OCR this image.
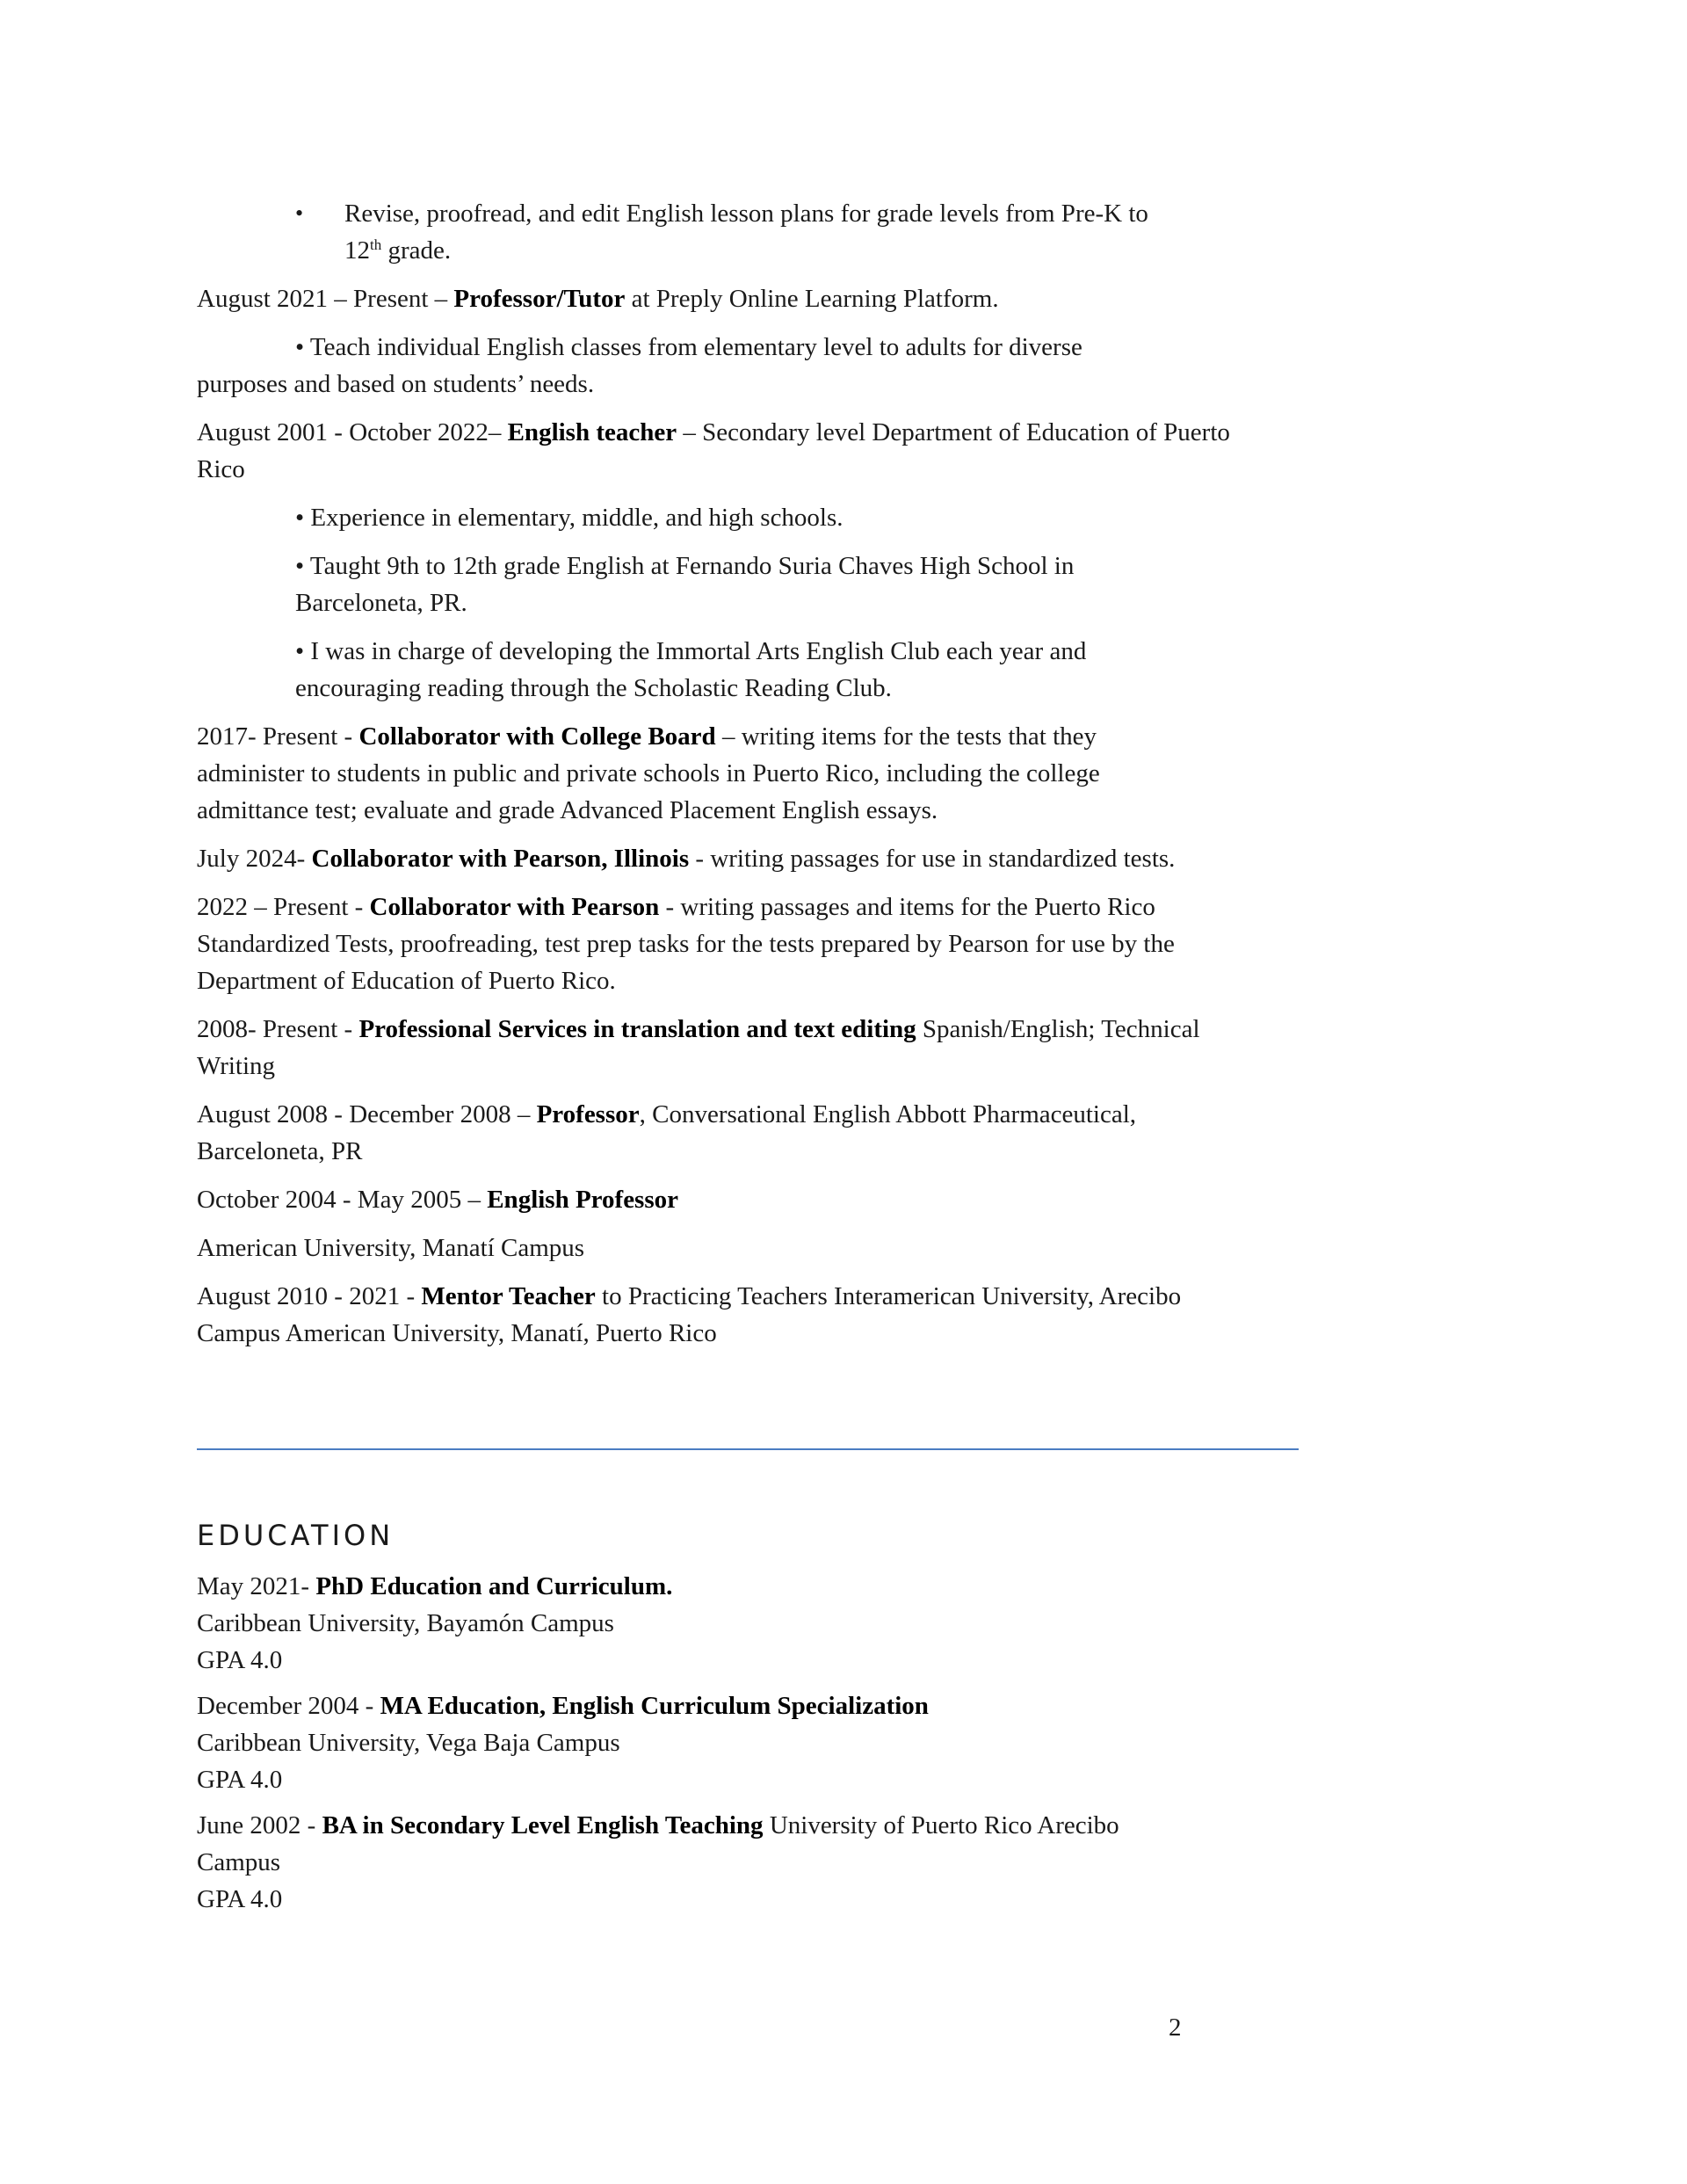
• Revise, proofread, and edit English lesson plans for grade levels from Pre-K to
12th grade.
August 2021 – Present – Professor/Tutor at Preply Online Learning Platform.
• Teach individual English classes from elementary level to adults for diverse
purposes and based on students’ needs.
August 2001 - October 2022– English teacher – Secondary level Department of Education of Puerto Rico
• Experience in elementary, middle, and high schools.
• Taught 9th to 12th grade English at Fernando Suria Chaves High School in Barceloneta, PR.
• I was in charge of developing the Immortal Arts English Club each year and encouraging reading through the Scholastic Reading Club.
2017- Present - Collaborator with College Board – writing items for the tests that they administer to students in public and private schools in Puerto Rico, including the college admittance test; evaluate and grade Advanced Placement English essays.
July 2024- Collaborator with Pearson, Illinois - writing passages for use in standardized tests.
2022 – Present - Collaborator with Pearson - writing passages and items for the Puerto Rico Standardized Tests, proofreading, test prep tasks for the tests prepared by Pearson for use by the Department of Education of Puerto Rico.
2008- Present - Professional Services in translation and text editing Spanish/English; Technical Writing
August 2008 - December 2008 – Professor, Conversational English Abbott Pharmaceutical, Barceloneta, PR
October 2004 - May 2005 – English Professor
American University, Manatí Campus
August 2010 - 2021 - Mentor Teacher to Practicing Teachers Interamerican University, Arecibo Campus American University, Manatí, Puerto Rico
EDUCATION
May 2021- PhD Education and Curriculum.
Caribbean University, Bayamón Campus
GPA 4.0
December 2004 - MA Education, English Curriculum Specialization
Caribbean University, Vega Baja Campus
GPA 4.0
June 2002 - BA in Secondary Level English Teaching University of Puerto Rico Arecibo Campus
GPA 4.0
2
